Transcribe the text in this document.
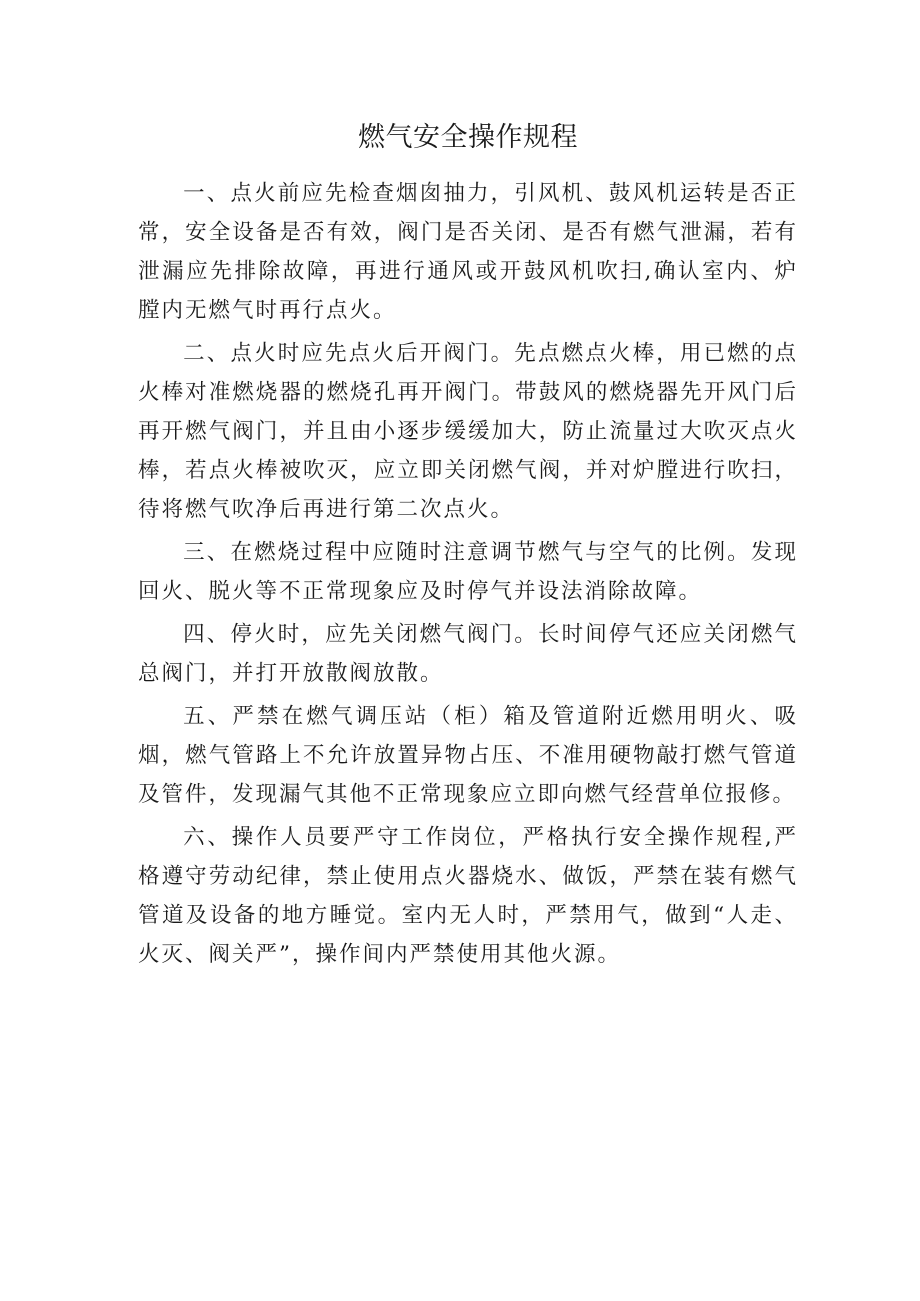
燃气安全操作规程

一、点火前应先检查烟囱抽力，引风机、鼓风机运转是否正常，安全设备是否有效，阀门是否关闭、是否有燃气泄漏，若有泄漏应先排除故障，再进行通风或开鼓风机吹扫,确认室内、炉膛内无燃气时再行点火。

二、点火时应先点火后开阀门。先点燃点火棒，用已燃的点火棒对准燃烧器的燃烧孔再开阀门。带鼓风的燃烧器先开风门后再开燃气阀门，并且由小逐步缓缓加大，防止流量过大吹灭点火棒，若点火棒被吹灭，应立即关闭燃气阀，并对炉膛进行吹扫，待将燃气吹净后再进行第二次点火。

三、在燃烧过程中应随时注意调节燃气与空气的比例。发现回火、脱火等不正常现象应及时停气并设法消除故障。

四、停火时，应先关闭燃气阀门。长时间停气还应关闭燃气总阀门，并打开放散阀放散。

五、严禁在燃气调压站（柜）箱及管道附近燃用明火、吸烟，燃气管路上不允许放置异物占压、不准用硬物敲打燃气管道及管件，发现漏气其他不正常现象应立即向燃气经营单位报修。

六、操作人员要严守工作岗位，严格执行安全操作规程,严格遵守劳动纪律，禁止使用点火器烧水、做饭，严禁在装有燃气管道及设备的地方睡觉。室内无人时，严禁用气，做到“人走、火灭、阀关严”，操作间内严禁使用其他火源。
